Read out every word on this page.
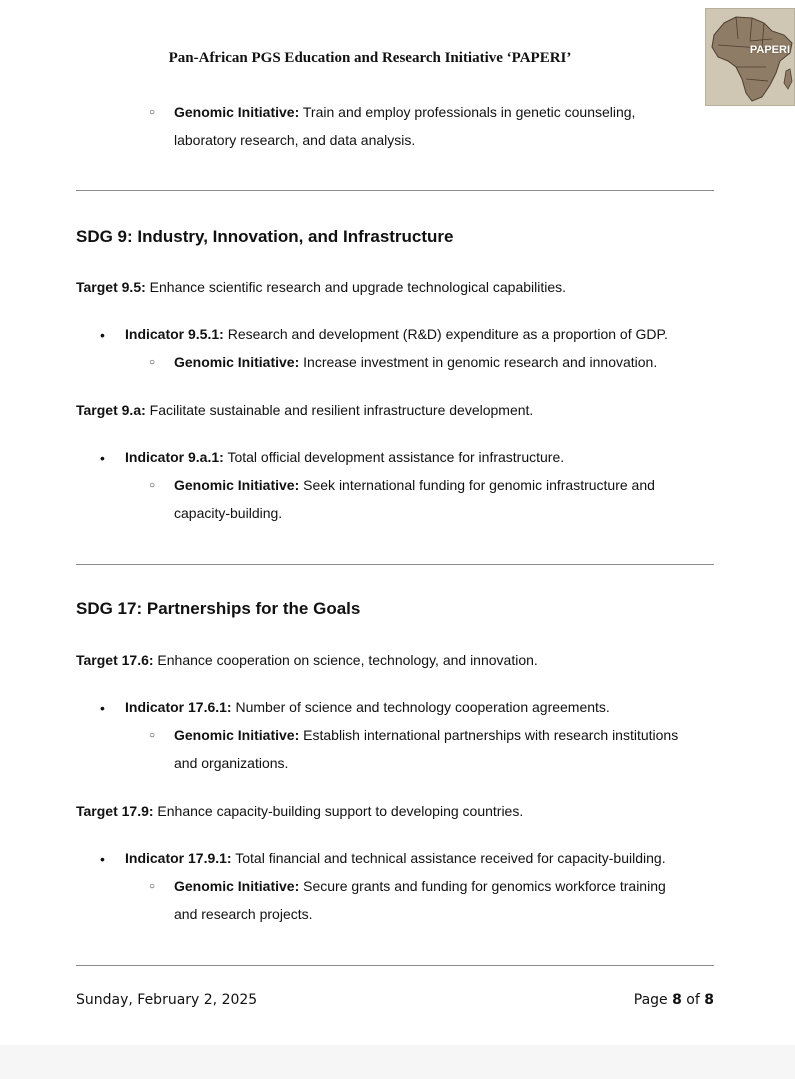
Pan-African PGS Education and Research Initiative ‘PAPERI’	PAPERI
○ Genomic Initiative: Train and employ professionals in genetic counseling,
laboratory research, and data analysis.
SDG 9: Industry, Innovation, and Infrastructure
Target 9.5: Enhance scientific research and upgrade technological capabilities.
• Indicator 9.5.1: Research and development (R&D) expenditure as a proportion of GDP.
○ Genomic Initiative: Increase investment in genomic research and innovation.
Target 9.a: Facilitate sustainable and resilient infrastructure development.
• Indicator 9.a.1: Total official development assistance for infrastructure.
○ Genomic Initiative: Seek international funding for genomic infrastructure and
capacity-building.
SDG 17: Partnerships for the Goals
Target 17.6: Enhance cooperation on science, technology, and innovation.
• Indicator 17.6.1: Number of science and technology cooperation agreements.
○ Genomic Initiative: Establish international partnerships with research institutions
and organizations.
Target 17.9: Enhance capacity-building support to developing countries.
• Indicator 17.9.1: Total financial and technical assistance received for capacity-building.
○ Genomic Initiative: Secure grants and funding for genomics workforce training
and research projects.
Sunday, February 2, 2025	Page 8 of 8
